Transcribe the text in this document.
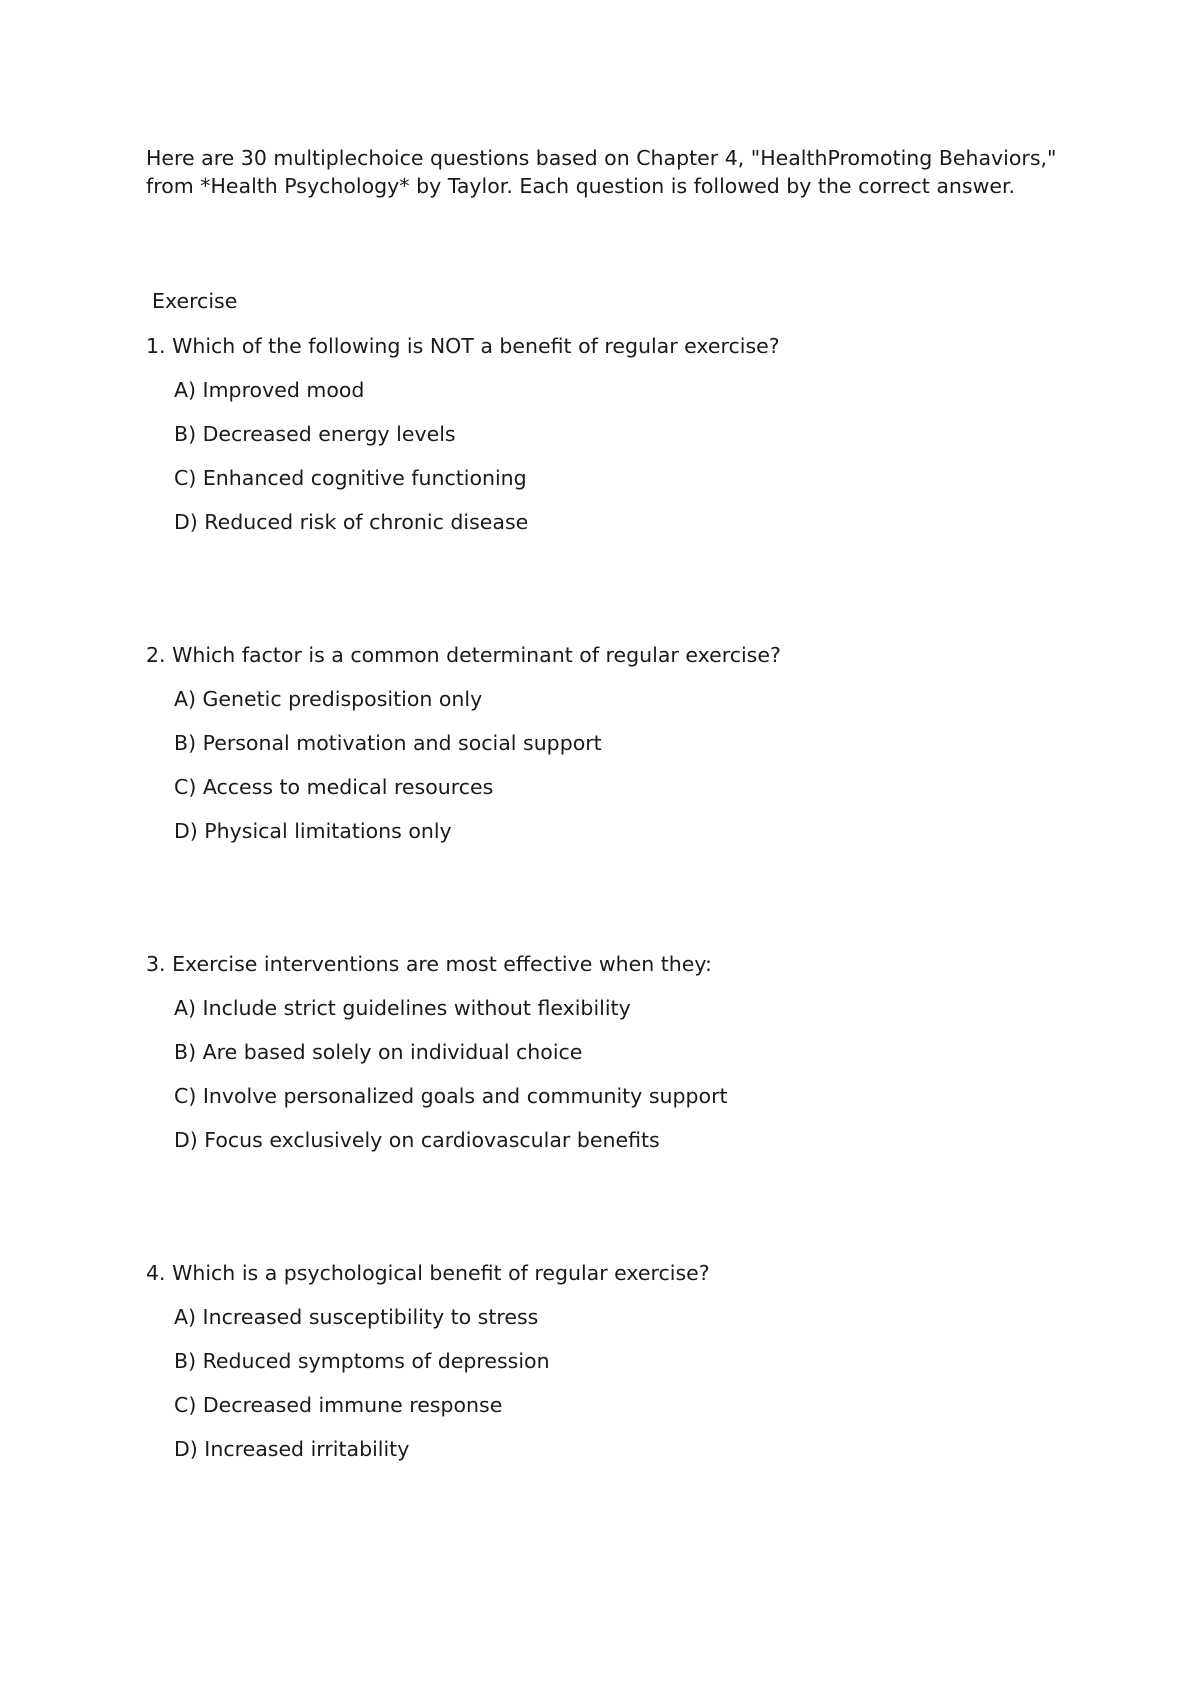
Here are 30 multiplechoice questions based on Chapter 4, "HealthPromoting Behaviors," from *Health Psychology* by Taylor. Each question is followed by the correct answer.

Exercise

1. Which of the following is NOT a benefit of regular exercise?

A) Improved mood
B) Decreased energy levels
C) Enhanced cognitive functioning
D) Reduced risk of chronic disease

2. Which factor is a common determinant of regular exercise?

A) Genetic predisposition only
B) Personal motivation and social support
C) Access to medical resources
D) Physical limitations only

3. Exercise interventions are most effective when they:

A) Include strict guidelines without flexibility
B) Are based solely on individual choice
C) Involve personalized goals and community support
D) Focus exclusively on cardiovascular benefits

4. Which is a psychological benefit of regular exercise?

A) Increased susceptibility to stress
B) Reduced symptoms of depression
C) Decreased immune response
D) Increased irritability
